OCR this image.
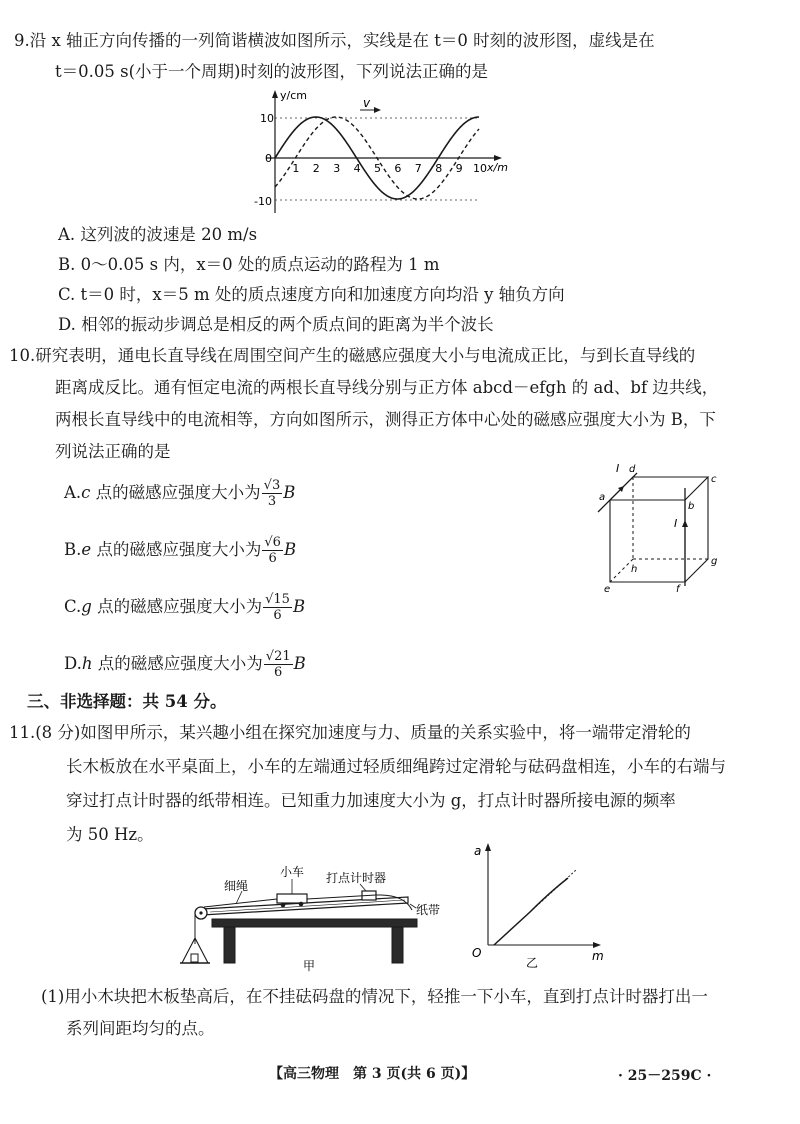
9.沿 x 轴正方向传播的一列简谐横波如图所示，实线是在 t＝0 时刻的波形图，虚线是在
t＝0.05 s(小于一个周期)时刻的波形图，下列说法正确的是
y/cm
x/m
10
0
-10
1 2 3 4 5 6 7 8 9 10
v
A. 这列波的波速是 20 m/s
B. 0～0.05 s 内，x＝0 处的质点运动的路程为 1 m
C. t＝0 时，x＝5 m 处的质点速度方向和加速度方向均沿 y 轴负方向
D. 相邻的振动步调总是相反的两个质点间的距离为半个波长
10.研究表明，通电长直导线在周围空间产生的磁感应强度大小与电流成正比，与到长直导线的
距离成反比。通有恒定电流的两根长直导线分别与正方体 abcd－efgh 的 ad、bf 边共线，
两根长直导线中的电流相等，方向如图所示，测得正方体中心处的磁感应强度大小为 B，下
列说法正确的是
A.c 点的磁感应强度大小为 $\frac{√3}{3}$ B
B.e 点的磁感应强度大小为 $\frac{√6}{6}$ B
C.g 点的磁感应强度大小为 $\frac{√15}{6}$ B
D.h 点的磁感应强度大小为 $\frac{√21}{6}$ B
I
I
a
d
c
b
h
e	f
g
三、非选择题：共 54 分。
11.(8 分)如图甲所示，某兴趣小组在探究加速度与力、质量的关系实验中，将一端带定滑轮的
长木板放在水平桌面上，小车的左端通过轻质细绳跨过定滑轮与砝码盘相连，小车的右端与
穿过打点计时器的纸带相连。已知重力加速度大小为 g，打点计时器所接电源的频率
为 50 Hz。
细绳
小车 打点计时器
纸带
甲
a
m
O
乙
(1)用小木块把木板垫高后，在不挂砝码盘的情况下，轻推一下小车，直到打点计时器打出一
系列间距均匀的点。
【高三物理　第 3 页(共 6 页)】	· 25－259C ·
